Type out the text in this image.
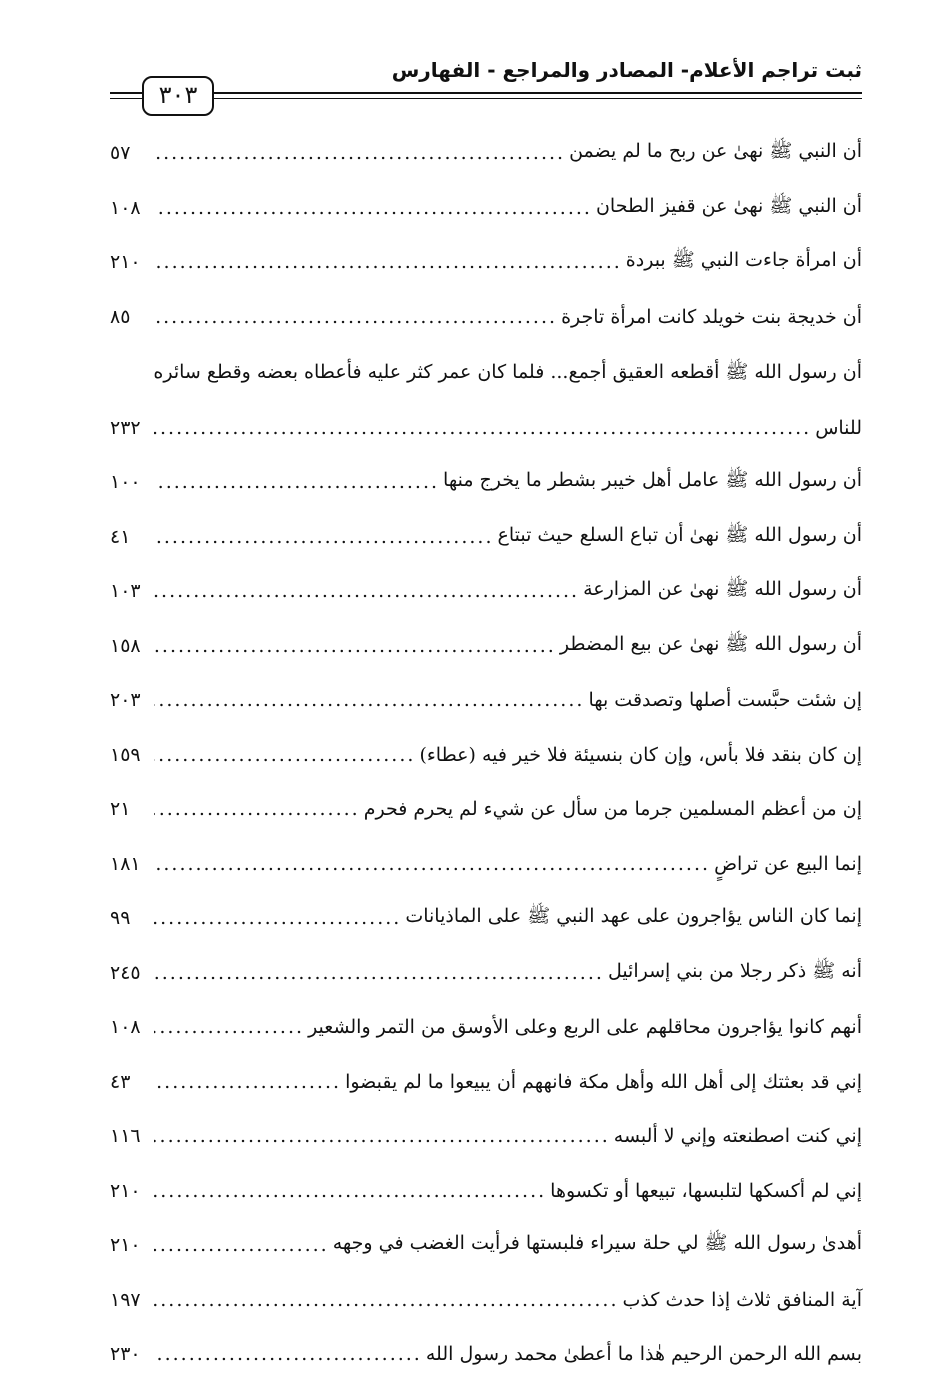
ثبت تراجم الأعلام- المصادر والمراجع - الفهارس
٣٠٣
أن النبي ﷺ نهىٰ عن ربح ما لم يضمن
.....
٥٧
أن النبي ﷺ نهىٰ عن قفيز الطحان
.....
١٠٨
أن امرأة جاءت النبي ﷺ ببردة
.....
٢١٠
أن خديجة بنت خويلد كانت امرأة تاجرة
.....
٨٥
أن رسول الله ﷺ أقطعه العقيق أجمع... فلما كان عمر كثر عليه فأعطاه بعضه وقطع سائره
للناس
.....
٢٣٢
أن رسول الله ﷺ عامل أهل خيبر بشطر ما يخرج منها
.....
١٠٠
أن رسول الله ﷺ نهىٰ أن تباع السلع حيث تبتاع
.....
٤١
أن رسول الله ﷺ نهىٰ عن المزارعة
.....
١٠٣
أن رسول الله ﷺ نهىٰ عن بيع المضطر
.....
١٥٨
إن شئت حبَّست أصلها وتصدقت بها
.....
٢٠٣
إن كان بنقد فلا بأس، وإن كان بنسيئة فلا خير فيه (عطاء)
.....
١٥٩
إن من أعظم المسلمين جرما من سأل عن شيء لم يحرم فحرم
.....
٢١
إنما البيع عن تراضٍ
.....
١٨١
إنما كان الناس يؤاجرون على عهد النبي ﷺ على الماذيانات
.....
٩٩
أنه ﷺ ذكر رجلا من بني إسرائيل
.....
٢٤٥
أنهم كانوا يؤاجرون محاقلهم على الربع وعلى الأوسق من التمر والشعير
.....
١٠٨
إني قد بعثتك إلى أهل الله وأهل مكة فانههم أن يبيعوا ما لم يقبضوا
.....
٤٣
إني كنت اصطنعته وإني لا ألبسه
.....
١١٦
إني لم أكسكها لتلبسها، تبيعها أو تكسوها
.....
٢١٠
أهدىٰ رسول الله ﷺ لي حلة سيراء فلبستها فرأيت الغضب في وجهه
.....
٢١٠
آية المنافق ثلاث إذا حدث كذب
.....
١٩٧
بسم الله الرحمن الرحيم هٰذا ما أعطىٰ محمد رسول الله
.....
٢٣٠
